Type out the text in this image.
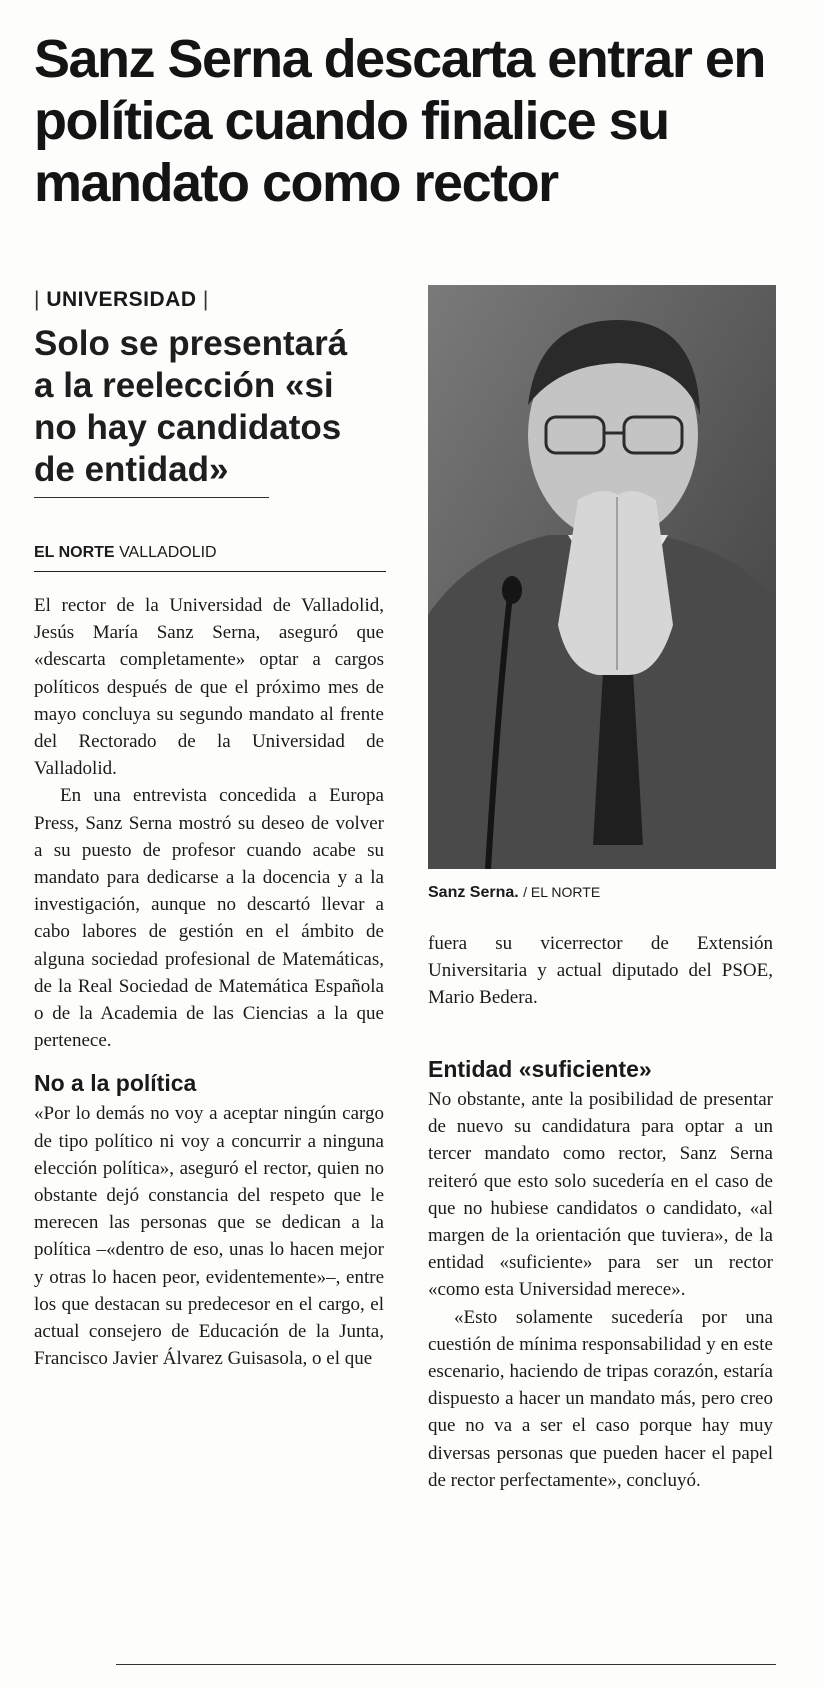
Sanz Serna descarta entrar en política cuando finalice su mandato como rector
| UNIVERSIDAD |
Solo se presentará a la reelección «si no hay candidatos de entidad»
EL NORTE VALLADOLID

El rector de la Universidad de Valladolid, Jesús María Sanz Serna, aseguró que «descarta completamente» optar a cargos políticos después de que el próximo mes de mayo concluya su segundo mandato al frente del Rectorado de la Universidad de Valladolid.

En una entrevista concedida a Europa Press, Sanz Serna mostró su deseo de volver a su puesto de profesor cuando acabe su mandato para dedicarse a la docencia y a la investigación, aunque no descartó llevar a cabo labores de gestión en el ámbito de alguna sociedad profesional de Matemáticas, de la Real Sociedad de Matemática Española o de la Academia de las Ciencias a la que pertenece.

No a la política

«Por lo demás no voy a aceptar ningún cargo de tipo político ni voy a concurrir a ninguna elección política», aseguró el rector, quien no obstante dejó constancia del respeto que le merecen las personas que se dedican a la política –«dentro de eso, unas lo hacen mejor y otras lo hacen peor, evidentemente»–, entre los que destacan su predecesor en el cargo, el actual consejero de Educación de la Junta, Francisco Javier Álvarez Guisasola, o el que

Sanz Serna. / EL NORTE

fuera su vicerrector de Extensión Universitaria y actual diputado del PSOE, Mario Bedera.

Entidad «suficiente»

No obstante, ante la posibilidad de presentar de nuevo su candidatura para optar a un tercer mandato como rector, Sanz Serna reiteró que esto solo sucedería en el caso de que no hubiese candidatos o candidato, «al margen de la orientación que tuviera», de la entidad «suficiente» para ser un rector «como esta Universidad merece».

«Esto solamente sucedería por una cuestión de mínima responsabilidad y en este escenario, haciendo de tripas corazón, estaría dispuesto a hacer un mandato más, pero creo que no va a ser el caso porque hay muy diversas personas que pueden hacer el papel de rector perfectamente», concluyó.
